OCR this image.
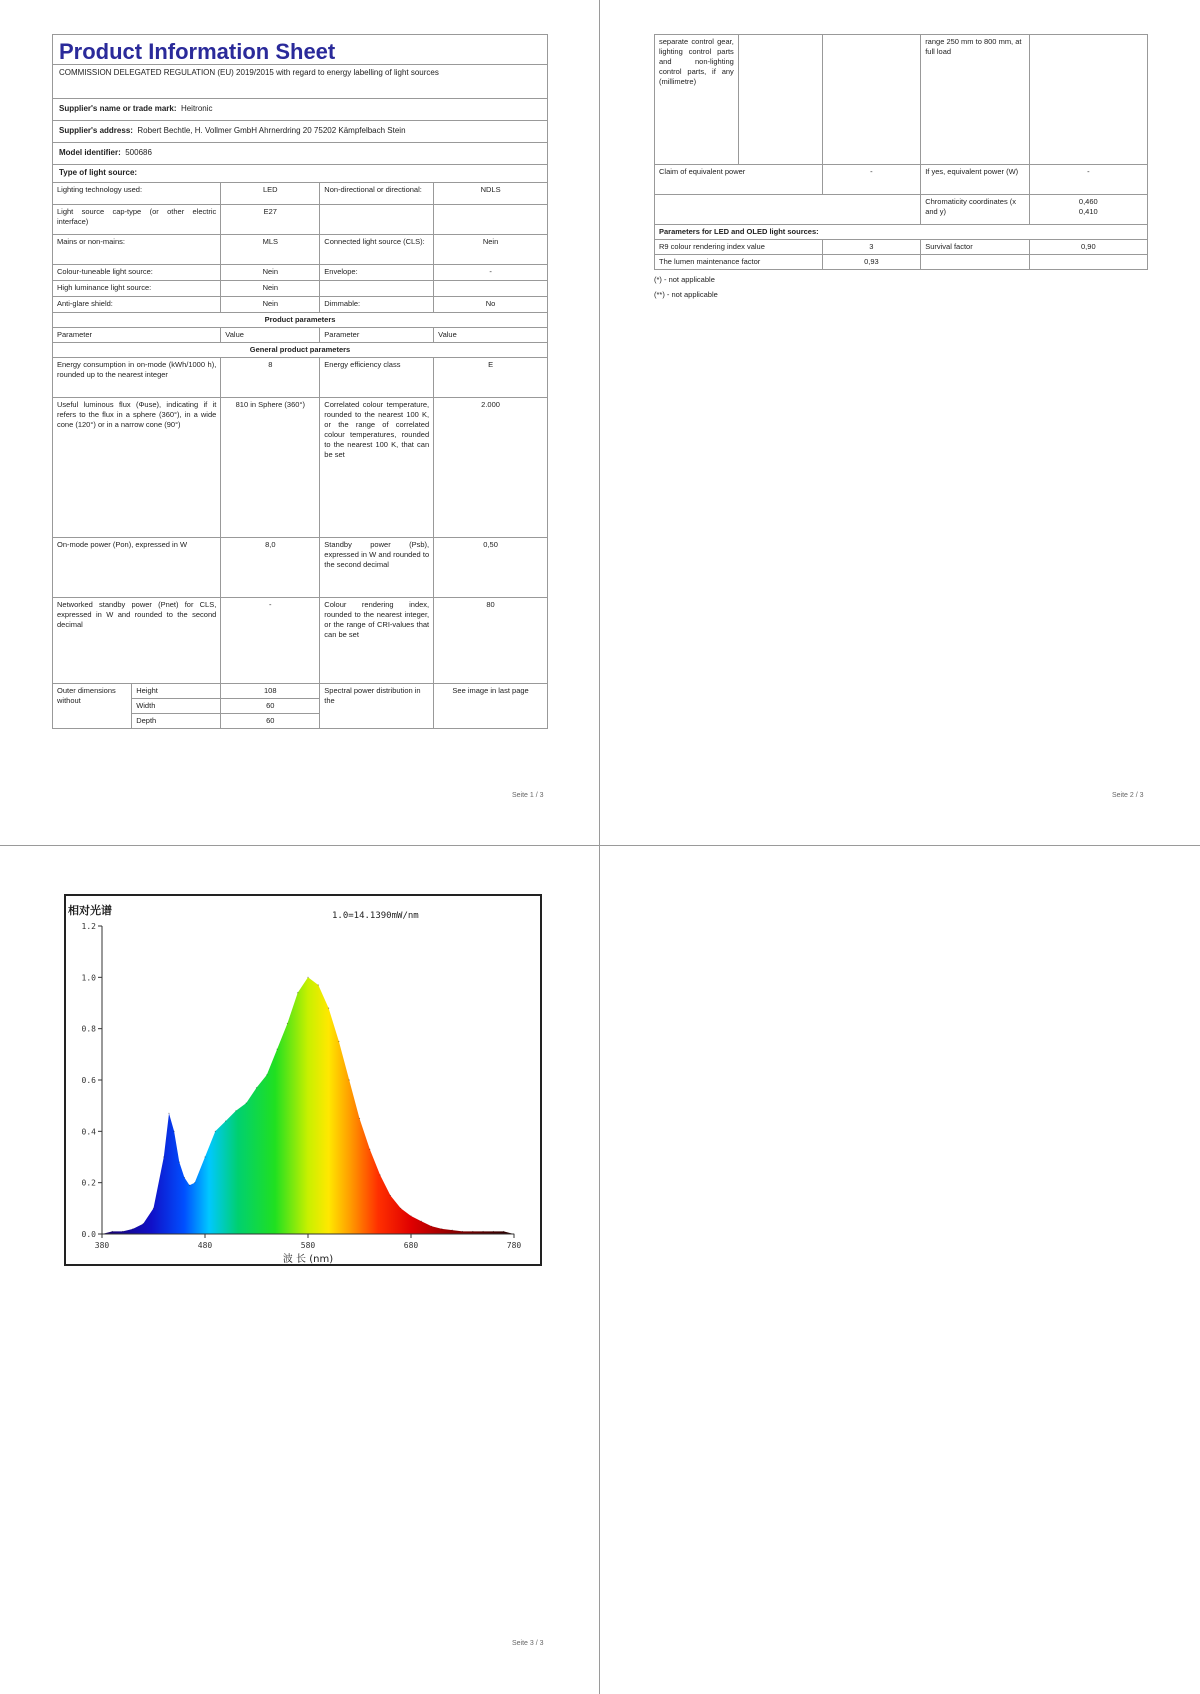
Product Information Sheet
COMMISSION DELEGATED REGULATION (EU) 2019/2015 with regard to energy labelling of light sources
Supplier's name or trade mark: Heitronic
Supplier's address: Robert Bechtle, H. Vollmer GmbH Ahrnerdring 20 75202 Kämpfelbach Stein
Model identifier: 500686
Type of light source:
Lighting technology used:	LED	Non-directional or directional:	NDLS
Light source cap-type (or other electric interface)	E27		
Mains or non-mains:	MLS	Connected light source (CLS):	Nein
Colour-tuneable light source:	Nein	Envelope:	-
High luminance light source:	Nein		
Anti-glare shield:	Nein	Dimmable:	No
Product parameters			
Parameter	Value	Parameter	Value
General product parameters			
Energy consumption in on-mode (kWh/1000 h), rounded up to the nearest integer	8	Energy efficiency class	E
Useful luminous flux (Φuse), indicating if it refers to the flux in a sphere (360°), in a wide cone (120°) or in a narrow cone (90°)	810 in Sphere (360°)	Correlated colour temperature, rounded to the nearest 100 K, or the range of correlated colour temperatures, rounded to the nearest 100 K, that can be set	2.000
On-mode power (Pon), expressed in W	8,0	Standby power (Psb), expressed in W and rounded to the second decimal	0,50
Networked standby power (Pnet) for CLS, expressed in W and rounded to the second decimal	-	Colour rendering index, rounded to the nearest integer, or the range of CRI-values that can be set	80
Outer dimensions without	Height	108	Spectral power distribution in the	See image in last page
	Width	60		
	Depth	60		
Seite 1 / 3
separate control gear, lighting control parts and non-lighting control parts, if any (millimetre)			range 250 mm to 800 mm, at full load	
Claim of equivalent power		-	If yes, equivalent power (W)	-
			Chromaticity coordinates (x and y)	0,460
0,410
Parameters for LED and OLED light sources:				
R9 colour rendering index value		3	Survival factor	0,90
The lumen maintenance factor		0,93		
(*) - not applicable
(**) - not applicable
Seite 2 / 3
0.0
0.2
0.4
0.6
0.8
1.0
1.2
380	480	580	680	780
相对光谱	1.0=14.1390mW/nm
波 长 (nm)
Seite 3 / 3
